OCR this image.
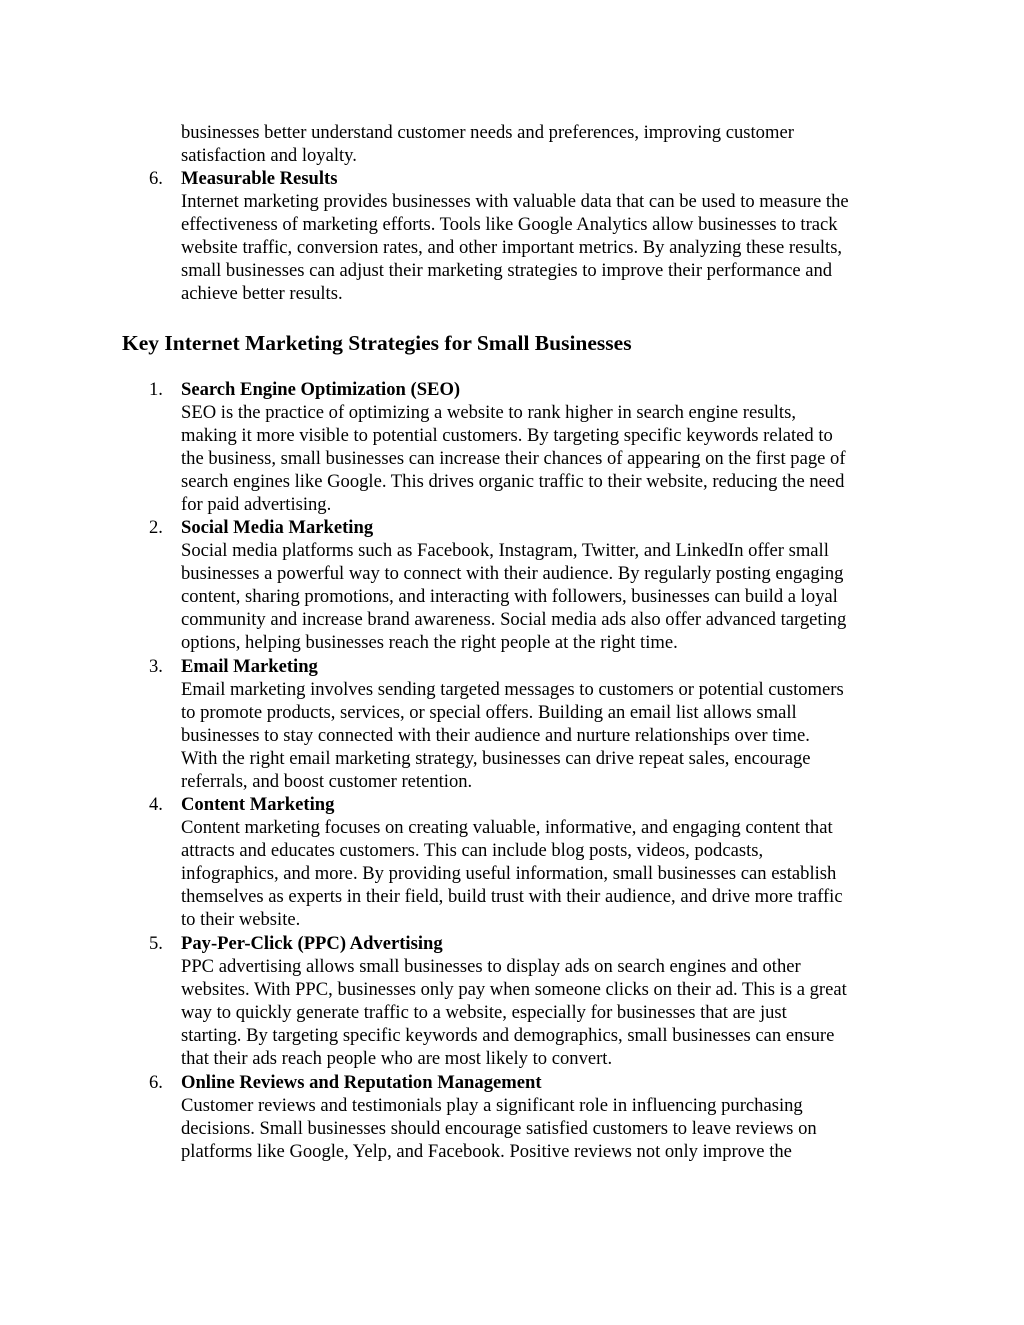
businesses better understand customer needs and preferences, improving customer
satisfaction and loyalty.
6. Measurable Results
Internet marketing provides businesses with valuable data that can be used to measure the
effectiveness of marketing efforts. Tools like Google Analytics allow businesses to track
website traffic, conversion rates, and other important metrics. By analyzing these results,
small businesses can adjust their marketing strategies to improve their performance and
achieve better results.
Key Internet Marketing Strategies for Small Businesses
1. Search Engine Optimization (SEO)
SEO is the practice of optimizing a website to rank higher in search engine results,
making it more visible to potential customers. By targeting specific keywords related to
the business, small businesses can increase their chances of appearing on the first page of
search engines like Google. This drives organic traffic to their website, reducing the need
for paid advertising.
2. Social Media Marketing
Social media platforms such as Facebook, Instagram, Twitter, and LinkedIn offer small
businesses a powerful way to connect with their audience. By regularly posting engaging
content, sharing promotions, and interacting with followers, businesses can build a loyal
community and increase brand awareness. Social media ads also offer advanced targeting
options, helping businesses reach the right people at the right time.
3. Email Marketing
Email marketing involves sending targeted messages to customers or potential customers
to promote products, services, or special offers. Building an email list allows small
businesses to stay connected with their audience and nurture relationships over time.
With the right email marketing strategy, businesses can drive repeat sales, encourage
referrals, and boost customer retention.
4. Content Marketing
Content marketing focuses on creating valuable, informative, and engaging content that
attracts and educates customers. This can include blog posts, videos, podcasts,
infographics, and more. By providing useful information, small businesses can establish
themselves as experts in their field, build trust with their audience, and drive more traffic
to their website.
5. Pay-Per-Click (PPC) Advertising
PPC advertising allows small businesses to display ads on search engines and other
websites. With PPC, businesses only pay when someone clicks on their ad. This is a great
way to quickly generate traffic to a website, especially for businesses that are just
starting. By targeting specific keywords and demographics, small businesses can ensure
that their ads reach people who are most likely to convert.
6. Online Reviews and Reputation Management
Customer reviews and testimonials play a significant role in influencing purchasing
decisions. Small businesses should encourage satisfied customers to leave reviews on
platforms like Google, Yelp, and Facebook. Positive reviews not only improve the
